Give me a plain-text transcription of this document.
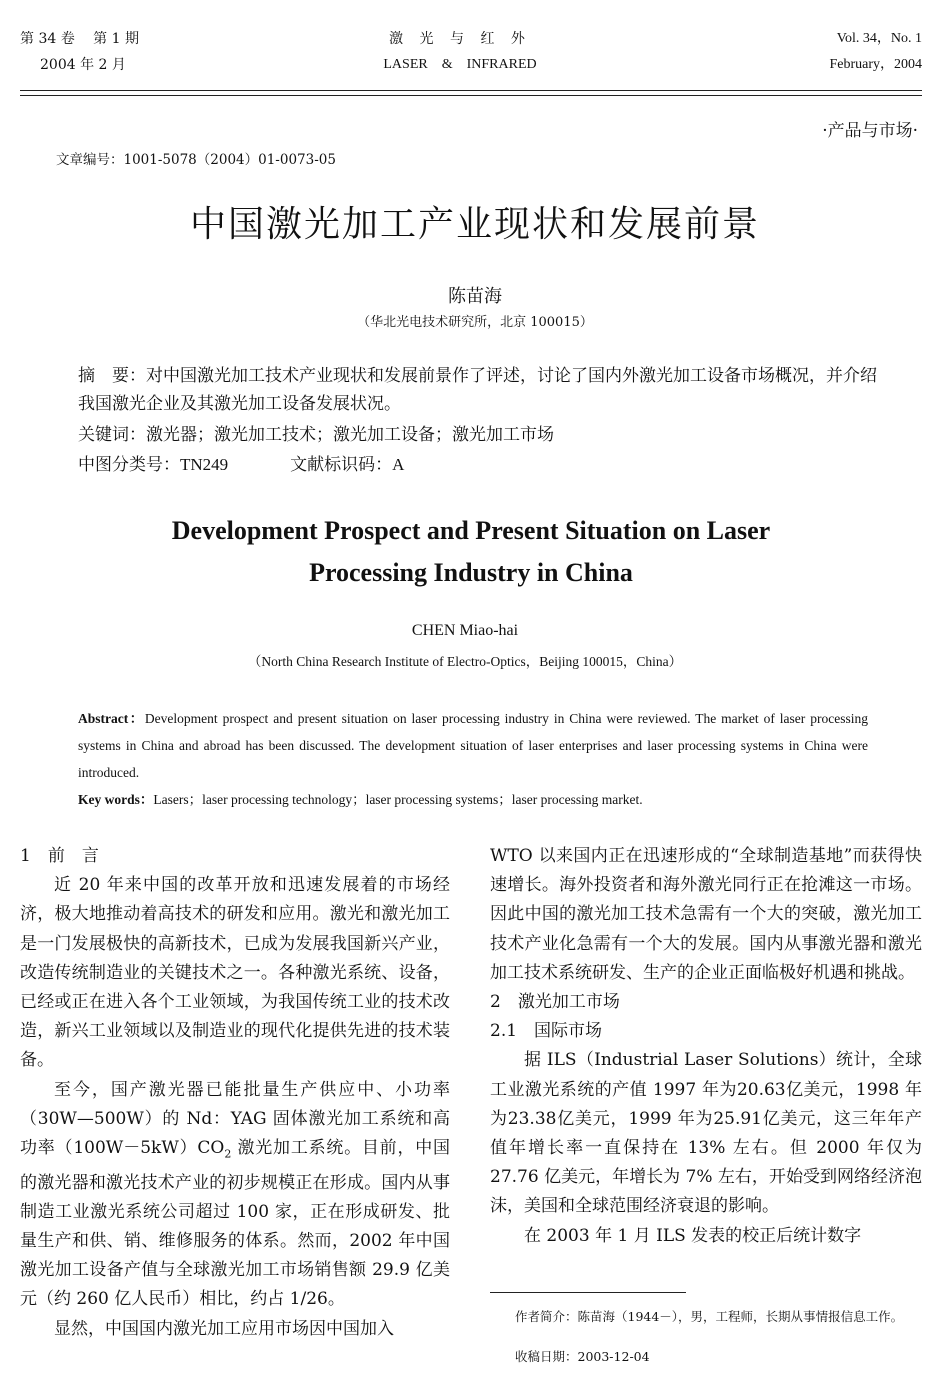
第 34 卷　 第 1 期
2004 年 2 月
激 光 与 红 外
LASER　&　INFRARED
Vol. 34，No. 1
February，2004
·产品与市场·
文章编号：1001-5078（2004）01-0073-05
中国激光加工产业现状和发展前景
陈苗海
（华北光电技术研究所，北京 100015）
摘　要：对中国激光加工技术产业现状和发展前景作了评述，讨论了国内外激光加工设备市场概况，并介绍我国激光企业及其激光加工设备发展状况。
关键词：激光器；激光加工技术；激光加工设备；激光加工市场
中图分类号：TN249	文献标识码：A
Development Prospect and Present Situation on Laser
Processing Industry in China
CHEN Miao-hai
（North China Research Institute of Electro-Optics，Beijing 100015，China）
Abstract：Development prospect and present situation on laser processing industry in China were reviewed. The market of laser processing systems in China and abroad has been discussed. The development situation of laser enterprises and laser processing systems in China were introduced.
Key words：Lasers；laser processing technology；laser processing systems；laser processing market.

1　前　言

近 20 年来中国的改革开放和迅速发展着的市场经济，极大地推动着高技术的研发和应用。激光和激光加工是一门发展极快的高新技术，已成为发展我国新兴产业，改造传统制造业的关键技术之一。各种激光系统、设备，已经或正在进入各个工业领域，为我国传统工业的技术改造，新兴工业领域以及制造业的现代化提供先进的技术装备。

至今，国产激光器已能批量生产供应中、小功率（30W—500W）的 Nd：YAG 固体激光加工系统和高功率$(100W-5kW)CO_2$ 激光加工系统。目前，中国的激光器和激光技术产业的初步规模正在形成。国内从事制造工业激光系统公司超过 100 家，正在形成研发、批量生产和供、销、维修服务的体系。然而，2002 年中国激光加工设备产值与全球激光加工市场销售额 29.9 亿美元（约 260 亿人民币）相比，约占 1/26。

显然，中国国内激光加工应用市场因中国加入

WTO 以来国内正在迅速形成的“全球制造基地”而获得快速增长。海外投资者和海外激光同行正在抢滩这一市场。因此中国的激光加工技术急需有一个大的突破，激光加工技术产业化急需有一个大的发展。国内从事激光器和激光加工技术系统研发、生产的企业正面临极好机遇和挑战。

2　激光加工市场

2.1　国际市场

据 ILS（Industrial Laser Solutions）统计，全球工业激光系统的产值 1997 年为20.63亿美元，1998 年为23.38亿美元，1999 年为25.91亿美元，这三年年产值年增长率一直保持在 13% 左右。但 2000 年仅为 27.76 亿美元，年增长为 7% 左右，开始受到网络经济泡沫，美国和全球范围经济衰退的影响。

在 2003 年 1 月 ILS 发表的校正后统计数字

作者简介：陈苗海（1944－），男，工程师，长期从事情报信息工作。
收稿日期：2003-12-04
